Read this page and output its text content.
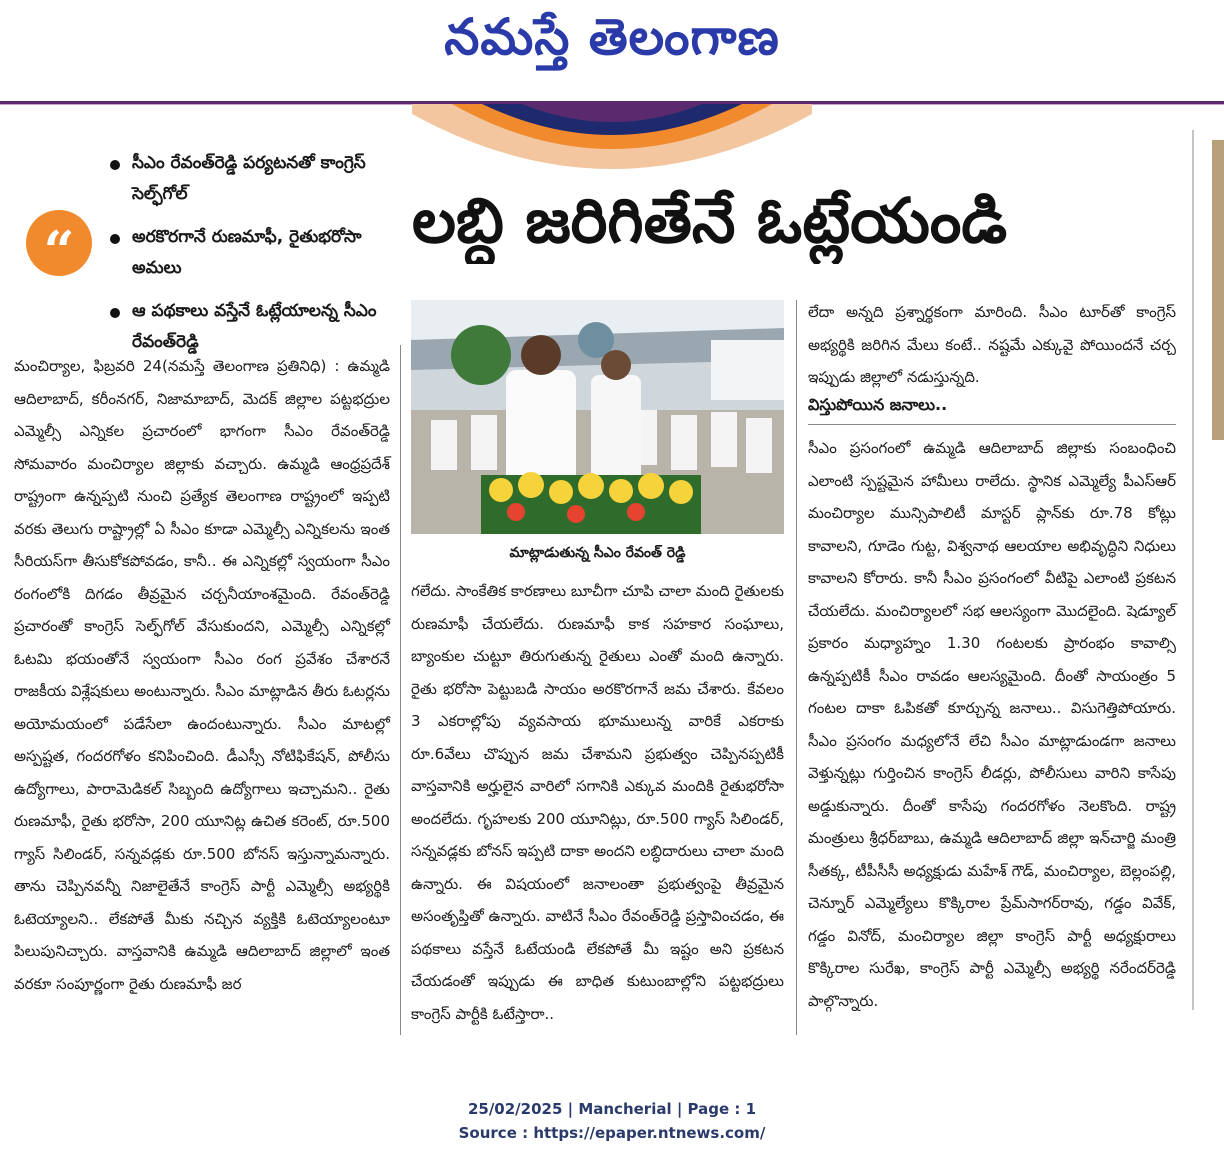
నమస్తే తెలంగాణ
“
సీఎం రేవంత్‌రెడ్డి పర్యటనతో కాంగ్రెస్‌ సెల్ఫ్‌గోల్‌
అరకొరగానే రుణమాఫీ, రైతుభరోసా అమలు
ఆ పథకాలు వస్తేనే ఓట్లేయాలన్న సీఎం రేవంత్‌రెడ్డి
లబ్ధి జరిగితేనే ఓట్లేయండి
మాట్లాడుతున్న సీఎం రేవంత్‌ రెడ్డి

మంచిర్యాల, ఫిబ్రవరి 24(నమస్తే తెలంగాణ ప్రతినిధి) : ఉమ్మడి ఆదిలాబాద్‌, కరీంనగర్‌, నిజామాబాద్‌, మెదక్‌ జిల్లాల పట్టభద్రుల ఎమ్మెల్సీ ఎన్నికల ప్రచారంలో భాగంగా సీఎం రేవంత్‌రెడ్డి సోమవారం మంచిర్యాల జిల్లాకు వచ్చారు. ఉమ్మడి ఆంధ్రప్రదేశ్‌ రాష్ట్రంగా ఉన్నప్పటి నుంచి ప్రత్యేక తెలంగాణ రాష్ట్రంలో ఇప్పటి వరకు తెలుగు రాష్ట్రాల్లో ఏ సీఎం కూడా ఎమ్మెల్సీ ఎన్నికలను ఇంత సీరియస్‌గా తీసుకోకపోవడం, కానీ.. ఈ ఎన్నికల్లో స్వయంగా సీఎం రంగంలోకి దిగడం తీవ్రమైన చర్చనీయాంశమైంది. రేవంత్‌రెడ్డి ప్రచారంతో కాంగ్రెస్‌ సెల్ఫ్‌గోల్‌ వేసుకుందని, ఎమ్మెల్సీ ఎన్నికల్లో ఓటమి భయంతోనే స్వయంగా సీఎం రంగ ప్రవేశం చేశారనే రాజకీయ విశ్లేషకులు అంటున్నారు. సీఎం మాట్లాడిన తీరు ఓటర్లను అయోమయంలో పడేసేలా ఉందంటున్నారు. సీఎం మాటల్లో అస్పష్టత, గందరగోళం కనిపించింది. డీఎస్సీ నోటిఫికేషన్‌, పోలీసు ఉద్యోగాలు, పారామెడికల్‌ సిబ్బంది ఉద్యోగాలు ఇచ్చామని.. రైతు రుణమాఫీ, రైతు భరోసా, 200 యూనిట్ల ఉచిత కరెంట్‌, రూ.500 గ్యాస్‌ సిలిండర్‌, సన్నవడ్లకు రూ.500 బోనస్‌ ఇస్తున్నామన్నారు. తాను చెప్పినవన్నీ నిజాలైతేనే కాంగ్రెస్‌ పార్టీ ఎమ్మెల్సీ అభ్యర్థికి ఓటెయ్యాలని.. లేకపోతే మీకు నచ్చిన వ్యక్తికి ఓటెయ్యాలంటూ పిలుపునిచ్చారు. వాస్తవానికి ఉమ్మడి ఆదిలాబాద్‌ జిల్లాలో ఇంత వరకూ సంపూర్ణంగా రైతు రుణమాఫీ జర

గలేదు. సాంకేతిక కారణాలు బూచీగా చూపి చాలా మంది రైతులకు రుణమాఫీ చేయలేదు. రుణమాఫీ కాక సహకార సంఘాలు, బ్యాంకుల చుట్టూ తిరుగుతున్న రైతులు ఎంతో మంది ఉన్నారు. రైతు భరోసా పెట్టుబడి సాయం అరకొరగానే జమ చేశారు. కేవలం 3 ఎకరాల్లోపు వ్యవసాయ భూములున్న వారికే ఎకరాకు రూ.6వేలు చొప్పున జమ చేశామని ప్రభుత్వం చెప్పినప్పటికీ వాస్తవానికి అర్హులైన వారిలో సగానికి ఎక్కువ మందికి రైతుభరోసా అందలేదు. గృహలకు 200 యూనిట్లు, రూ.500 గ్యాస్‌ సిలిండర్‌, సన్నవడ్లకు బోనస్‌ ఇప్పటి దాకా అందని లబ్ధిదారులు చాలా మంది ఉన్నారు. ఈ విషయంలో జనాలంతా ప్రభుత్వంపై తీవ్రమైన అసంతృప్తితో ఉన్నారు. వాటినే సీఎం రేవంత్‌రెడ్డి ప్రస్తావించడం, ఈ పథకాలు వస్తేనే ఓటేయండి లేకపోతే మీ ఇష్టం అని ప్రకటన చేయడంతో ఇప్పుడు ఈ బాధిత కుటుంబాల్లోని పట్టభద్రులు కాంగ్రెస్‌ పార్టీకి ఓటేస్తారా..

లేదా అన్నది ప్రశ్నార్థకంగా మారింది. సీఎం టూర్‌తో కాంగ్రెస్‌ అభ్యర్థికి జరిగిన మేలు కంటే.. నష్టమే ఎక్కువై పోయిందనే చర్చ ఇప్పుడు జిల్లాలో నడుస్తున్నది.

విస్తుపోయిన జనాలు..

సీఎం ప్రసంగంలో ఉమ్మడి ఆదిలాబాద్‌ జిల్లాకు సంబంధించి ఎలాంటి స్పష్టమైన హామీలు రాలేదు. స్థానిక ఎమ్మెల్యే పీఎస్‌ఆర్‌ మంచిర్యాల మున్సిపాలిటీ మాస్టర్‌ ప్లాన్‌కు రూ.78 కోట్లు కావాలని, గూడెం గుట్ట, విశ్వనాథ ఆలయాల అభివృద్ధిని నిధులు కావాలని కోరారు. కానీ సీఎం ప్రసంగంలో వీటిపై ఎలాంటి ప్రకటన చేయలేదు. మంచిర్యాలలో సభ ఆలస్యంగా మొదలైంది. షెడ్యూల్‌ ప్రకారం మధ్యాహ్నం 1.30 గంటలకు ప్రారంభం కావాల్సి ఉన్నప్పటికీ సీఎం రావడం ఆలస్యమైంది. దీంతో సాయంత్రం 5 గంటల దాకా ఓపికతో కూర్చున్న జనాలు.. విసుగెత్తిపోయారు. సీఎం ప్రసంగం మధ్యలోనే లేచి సీఎం మాట్లాడుండగా జనాలు వెళ్తున్నట్లు గుర్తించిన కాంగ్రెస్‌ లీడర్లు, పోలీసులు వారిని కాసేపు అడ్డుకున్నారు. దీంతో కాసేపు గందరగోళం నెలకొంది. రాష్ట్ర మంత్రులు శ్రీధర్‌బాబు, ఉమ్మడి ఆదిలాబాద్‌ జిల్లా ఇన్‌చార్జి మంత్రి సీతక్క, టీపీసీసీ అధ్యక్షుడు మహేశ్‌ గౌడ్‌, మంచిర్యాల, బెల్లంపల్లి, చెన్నూర్‌ ఎమ్మెల్యేలు కొక్కిరాల ప్రేమ్‌సాగర్‌రావు, గడ్డం వివేక్‌, గడ్డం వినోద్‌, మంచిర్యాల జిల్లా కాంగ్రెస్‌ పార్టీ అధ్యక్షురాలు కొక్కిరాల సురేఖ, కాంగ్రెస్‌ పార్టీ ఎమ్మెల్సీ అభ్యర్థి నరేందర్‌రెడ్డి పాల్గొన్నారు.

25/02/2025 | Mancherial | Page : 1
Source : https://epaper.ntnews.com/
